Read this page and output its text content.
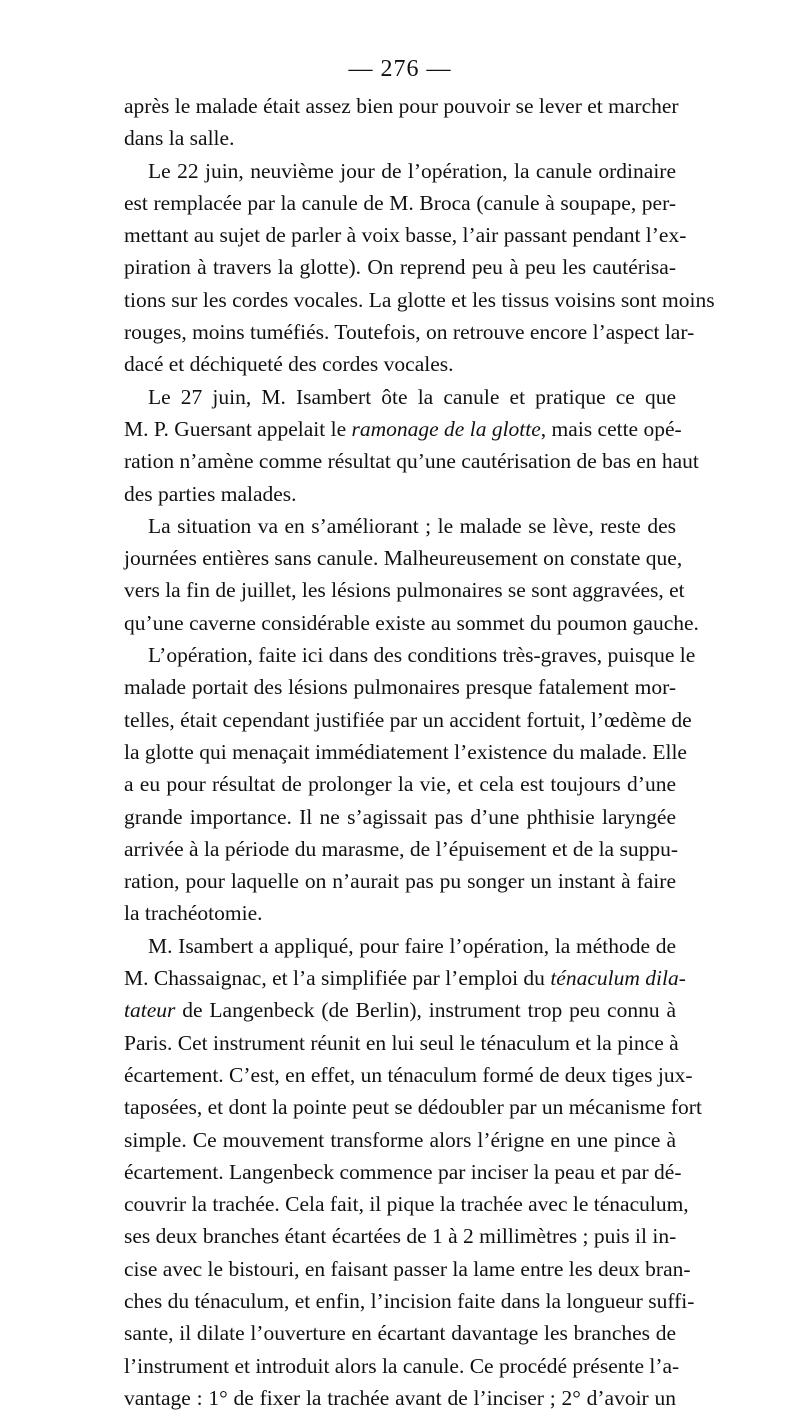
— 276 —
après le malade était assez bien pour pouvoir se lever et marcher
dans la salle.
Le 22 juin, neuvième jour de l’opération, la canule ordinaire
est remplacée par la canule de M. Broca (canule à soupape, per-
mettant au sujet de parler à voix basse, l’air passant pendant l’ex-
piration à travers la glotte). On reprend peu à peu les cautérisa-
tions sur les cordes vocales. La glotte et les tissus voisins sont moins
rouges, moins tuméfiés. Toutefois, on retrouve encore l’aspect lar-
dacé et déchiqueté des cordes vocales.
Le 27 juin, M. Isambert ôte la canule et pratique ce que
M. P. Guersant appelait le ramonage de la glotte, mais cette opé-
ration n’amène comme résultat qu’une cautérisation de bas en haut
des parties malades.
La situation va en s’améliorant ; le malade se lève, reste des
journées entières sans canule. Malheureusement on constate que,
vers la fin de juillet, les lésions pulmonaires se sont aggravées, et
qu’une caverne considérable existe au sommet du poumon gauche.
L’opération, faite ici dans des conditions très-graves, puisque le
malade portait des lésions pulmonaires presque fatalement mor-
telles, était cependant justifiée par un accident fortuit, l’œdème de
la glotte qui menaçait immédiatement l’existence du malade. Elle
a eu pour résultat de prolonger la vie, et cela est toujours d’une
grande importance. Il ne s’agissait pas d’une phthisie laryngée
arrivée à la période du marasme, de l’épuisement et de la suppu-
ration, pour laquelle on n’aurait pas pu songer un instant à faire
la trachéotomie.
M. Isambert a appliqué, pour faire l’opération, la méthode de
M. Chassaignac, et l’a simplifiée par l’emploi du ténaculum dila-
tateur de Langenbeck (de Berlin), instrument trop peu connu à
Paris. Cet instrument réunit en lui seul le ténaculum et la pince à
écartement. C’est, en effet, un ténaculum formé de deux tiges jux-
taposées, et dont la pointe peut se dédoubler par un mécanisme fort
simple. Ce mouvement transforme alors l’érigne en une pince à
écartement. Langenbeck commence par inciser la peau et par dé-
couvrir la trachée. Cela fait, il pique la trachée avec le ténaculum,
ses deux branches étant écartées de 1 à 2 millimètres ; puis il in-
cise avec le bistouri, en faisant passer la lame entre les deux bran-
ches du ténaculum, et enfin, l’incision faite dans la longueur suffi-
sante, il dilate l’ouverture en écartant davantage les branches de
l’instrument et introduit alors la canule. Ce procédé présente l’a-
vantage : 1° de fixer la trachée avant de l’inciser ; 2° d’avoir un
